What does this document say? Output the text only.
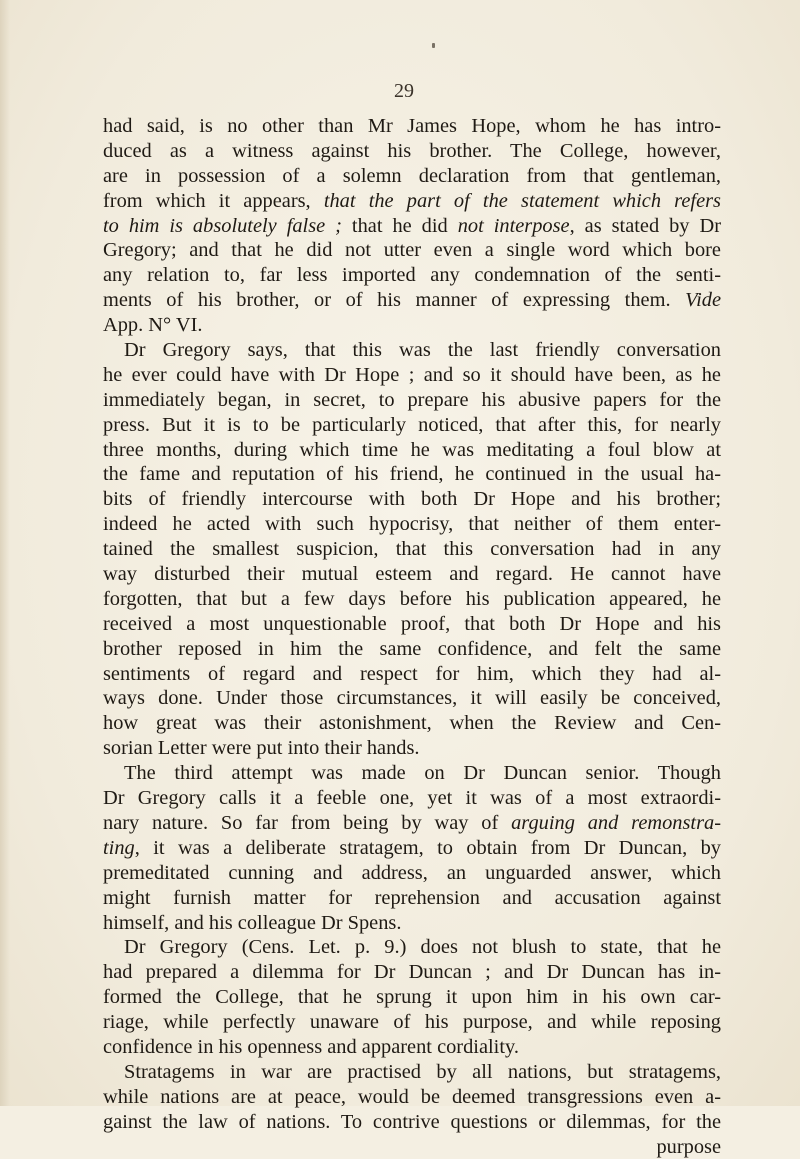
29
had said, is no other than Mr James Hope, whom he has intro-
duced as a witness against his brother. The College, however,
are in possession of a solemn declaration from that gentleman,
from which it appears, that the part of the statement which refers
to him is absolutely false ; that he did not interpose, as stated by Dr
Gregory; and that he did not utter even a single word which bore
any relation to, far less imported any condemnation of the senti-
ments of his brother, or of his manner of expressing them. Vide
App. N° VI.
Dr Gregory says, that this was the last friendly conversation
he ever could have with Dr Hope ; and so it should have been, as he
immediately began, in secret, to prepare his abusive papers for the
press. But it is to be particularly noticed, that after this, for nearly
three months, during which time he was meditating a foul blow at
the fame and reputation of his friend, he continued in the usual ha-
bits of friendly intercourse with both Dr Hope and his brother;
indeed he acted with such hypocrisy, that neither of them enter-
tained the smallest suspicion, that this conversation had in any
way disturbed their mutual esteem and regard. He cannot have
forgotten, that but a few days before his publication appeared, he
received a most unquestionable proof, that both Dr Hope and his
brother reposed in him the same confidence, and felt the same
sentiments of regard and respect for him, which they had al-
ways done. Under those circumstances, it will easily be conceived,
how great was their astonishment, when the Review and Cen-
sorian Letter were put into their hands.
The third attempt was made on Dr Duncan senior. Though
Dr Gregory calls it a feeble one, yet it was of a most extraordi-
nary nature. So far from being by way of arguing and remonstra-
ting, it was a deliberate stratagem, to obtain from Dr Duncan, by
premeditated cunning and address, an unguarded answer, which
might furnish matter for reprehension and accusation against
himself, and his colleague Dr Spens.
Dr Gregory (Cens. Let. p. 9.) does not blush to state, that he
had prepared a dilemma for Dr Duncan ; and Dr Duncan has in-
formed the College, that he sprung it upon him in his own car-
riage, while perfectly unaware of his purpose, and while reposing
confidence in his openness and apparent cordiality.
Stratagems in war are practised by all nations, but stratagems,
while nations are at peace, would be deemed transgressions even a-
gainst the law of nations. To contrive questions or dilemmas, for the
purpose
